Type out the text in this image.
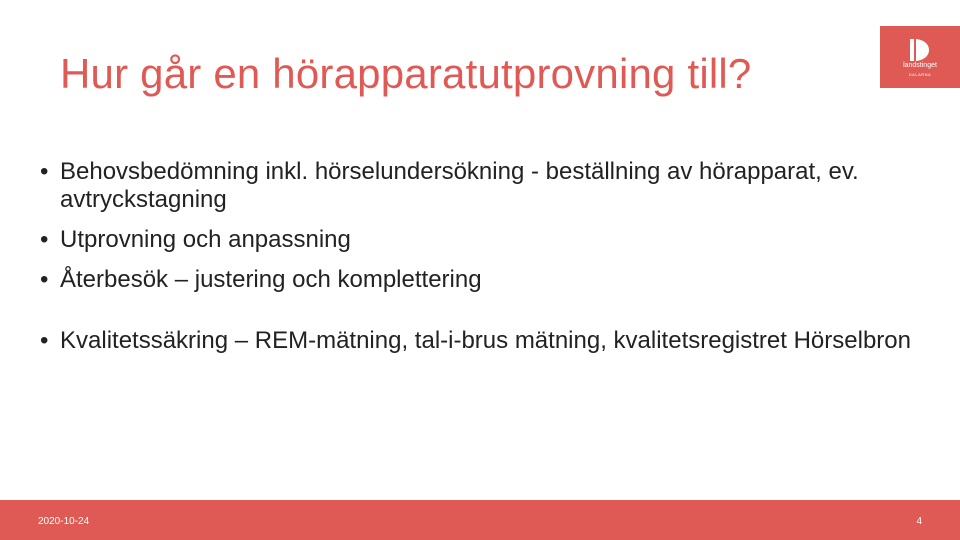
Hur går en hörapparatutprovning till?	landstinget
DALARNA
• Behovsbedömning inkl. hörselundersökning - beställning av hörapparat, ev. avtryckstagning
• Utprovning och anpassning
• Återbesök – justering och komplettering
• Kvalitetssäkring – REM-mätning, tal-i-brus mätning, kvalitetsregistret Hörselbron
2020-10-24	4
